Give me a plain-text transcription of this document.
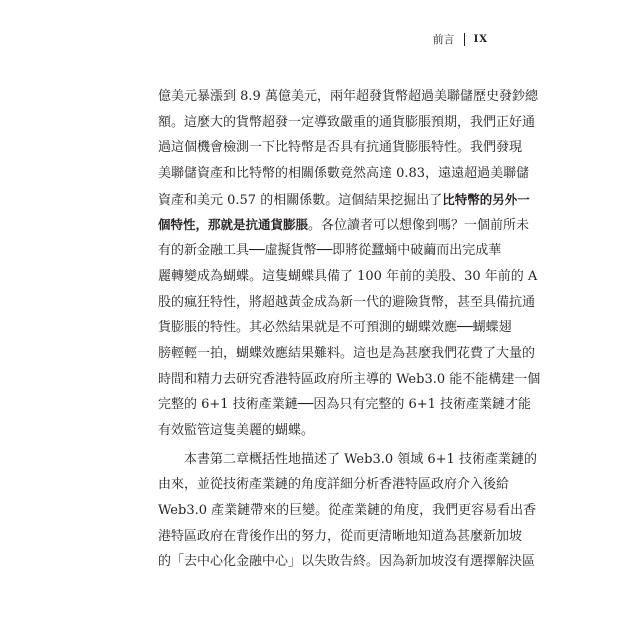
前言 IX
億美元暴漲到 8.9 萬億美元，兩年超發貨幣超過美聯儲歷史發鈔總
額。這麼大的貨幣超發一定導致嚴重的通貨膨脹預期，我們正好通
過這個機會檢測一下比特幣是否具有抗通貨膨脹特性。我們發現
美聯儲資產和比特幣的相關係數竟然高達 0.83，遠遠超過美聯儲
資產和美元 0.57 的相關係數。這個結果挖掘出了比特幣的另外一
個特性，那就是抗通貨膨脹。各位讀者可以想像到嗎？一個前所未
有的新金融工具──虛擬貨幣──即將從蠶蛹中破繭而出完成華
麗轉變成為蝴蝶。這隻蝴蝶具備了 100 年前的美股、30 年前的 A
股的瘋狂特性，將超越黃金成為新一代的避險貨幣，甚至具備抗通
貨膨脹的特性。其必然結果就是不可預測的蝴蝶效應──蝴蝶翅
膀輕輕一拍，蝴蝶效應結果難料。這也是為甚麼我們花費了大量的
時間和精力去研究香港特區政府所主導的 Web3.0 能不能構建一個
完整的 6+1 技術產業鏈──因為只有完整的 6+1 技術產業鏈才能
有效監管這隻美麗的蝴蝶。
本書第二章概括性地描述了 Web3.0 領域 6+1 技術產業鏈的
由來，並從技術產業鏈的角度詳細分析香港特區政府介入後給
Web3.0 產業鏈帶來的巨變。從產業鏈的角度，我們更容易看出香
港特區政府在背後作出的努力，從而更清晰地知道為甚麼新加坡
的「去中心化金融中心」以失敗告終。因為新加坡沒有選擇解決區
